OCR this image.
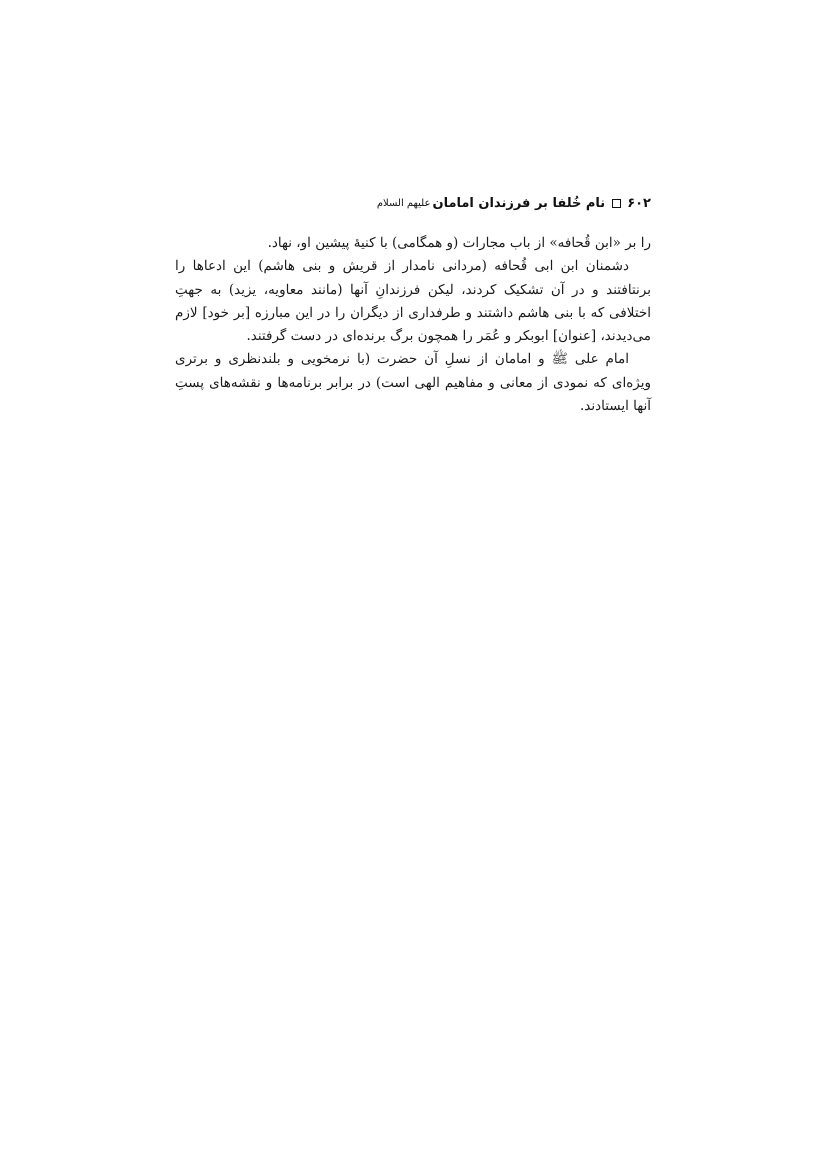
۶۰۲
نام خُلفا بر فرزندان امامان
علیهم السلام

را بر «ابن قُحافه» از باب مجارات (و همگامی) با کنیهٔ پیشین او، نهاد.

دشمنان ابن ابی قُحافه (مردانی نامدار از قریش و بنی هاشم) این ادعاها را برنتافتند و در آن تشکیک کردند، لیکن فرزندانِ آنها (مانند معاویه، یزید) به جهتِ اختلافی که با بنی هاشم داشتند و طرفداری از دیگران را در این مبارزه [بر خود] لازم می‌دیدند، [عنوان] ابوبکر و عُمَر را همچون برگ برنده‌ای در دست گرفتند.

امام علی ﷺ و امامان از نسلِ آن حضرت (با نرمخویی و بلندنظری و برتری ویژه‌ای که نمودی از معانی و مفاهیم الهی است) در برابر برنامه‌ها و نقشه‌های پستِ آنها ایستادند.
